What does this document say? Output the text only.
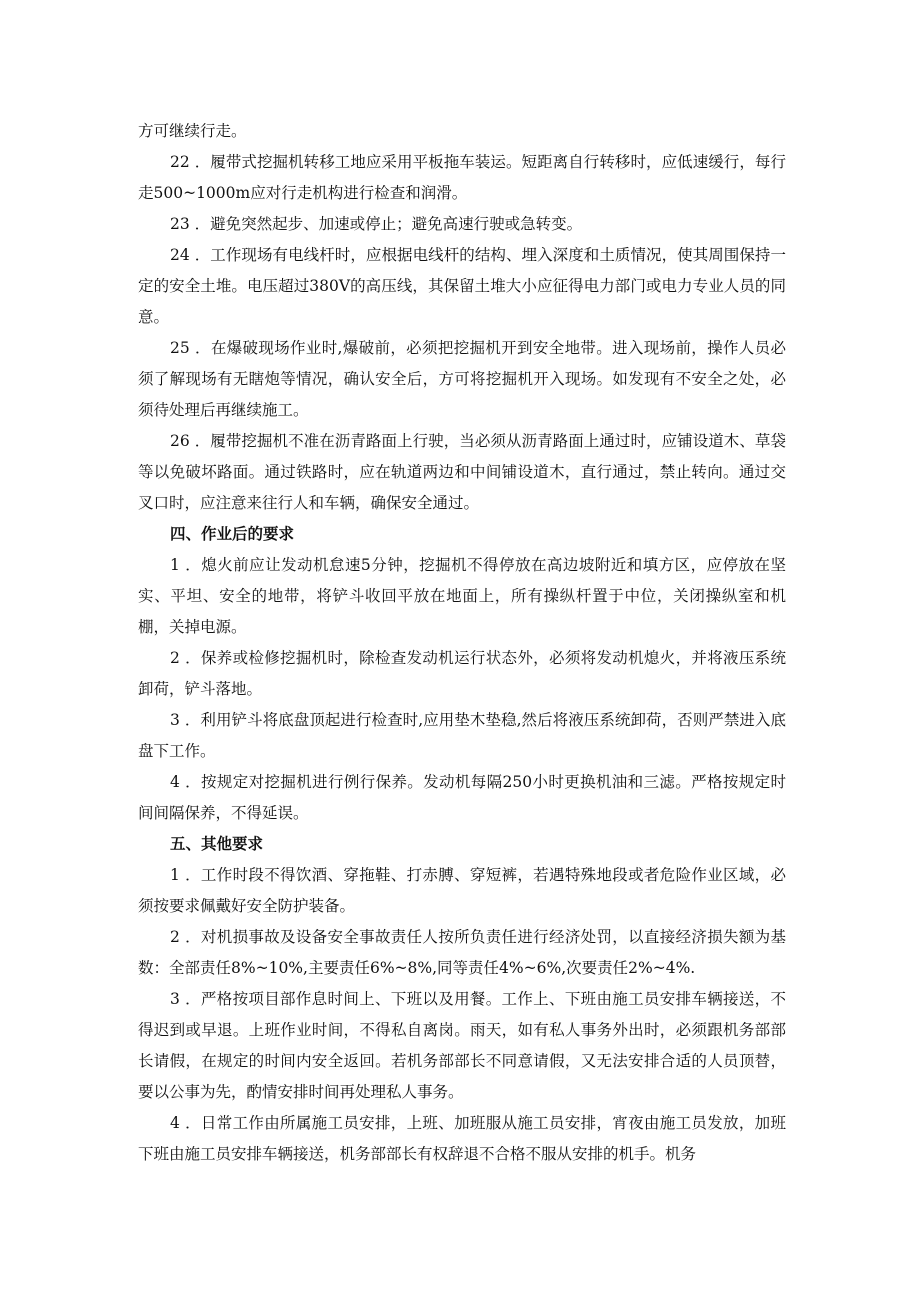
方可继续行走。

22 ．履带式挖掘机转移工地应采用平板拖车装运。短距离自行转移时，应低速缓行，每行走500~1000m应对行走机构进行检查和润滑。

23 ．避免突然起步、加速或停止；避免高速行驶或急转变。

24 ．工作现场有电线杆时，应根据电线杆的结构、埋入深度和土质情况，使其周围保持一定的安全土堆。电压超过380V的高压线，其保留土堆大小应征得电力部门或电力专业人员的同意。

25 ．在爆破现场作业时,爆破前，必须把挖掘机开到安全地带。进入现场前，操作人员必须了解现场有无瞎炮等情况，确认安全后，方可将挖掘机开入现场。如发现有不安全之处，必须待处理后再继续施工。

26 ．履带挖掘机不准在沥青路面上行驶，当必须从沥青路面上通过时，应铺设道木、草袋等以免破坏路面。通过铁路时，应在轨道两边和中间铺设道木，直行通过，禁止转向。通过交叉口时，应注意来往行人和车辆，确保安全通过。

四、作业后的要求

1 ．熄火前应让发动机怠速5分钟，挖掘机不得停放在高边坡附近和填方区，应停放在坚实、平坦、安全的地带，将铲斗收回平放在地面上，所有操纵杆置于中位，关闭操纵室和机棚，关掉电源。

2 ．保养或检修挖掘机时，除检查发动机运行状态外，必须将发动机熄火，并将液压系统卸荷，铲斗落地。

3 ．利用铲斗将底盘顶起进行检查时,应用垫木垫稳,然后将液压系统卸荷，否则严禁进入底盘下工作。

4 ．按规定对挖掘机进行例行保养。发动机每隔250小时更换机油和三滤。严格按规定时间间隔保养，不得延误。

五、其他要求

1 ．工作时段不得饮酒、穿拖鞋、打赤膊、穿短裤，若遇特殊地段或者危险作业区域，必须按要求佩戴好安全防护装备。

2 ．对机损事故及设备安全事故责任人按所负责任进行经济处罚，以直接经济损失额为基数：全部责任8%~10%,主要责任6%~8%,同等责任4%~6%,次要责任2%~4%.

3 ．严格按项目部作息时间上、下班以及用餐。工作上、下班由施工员安排车辆接送，不得迟到或早退。上班作业时间，不得私自离岗。雨天，如有私人事务外出时，必须跟机务部部长请假，在规定的时间内安全返回。若机务部部长不同意请假，又无法安排合适的人员顶替，要以公事为先，酌情安排时间再处理私人事务。

4 ．日常工作由所属施工员安排，上班、加班服从施工员安排，宵夜由施工员发放，加班下班由施工员安排车辆接送，机务部部长有权辞退不合格不服从安排的机手。机务
